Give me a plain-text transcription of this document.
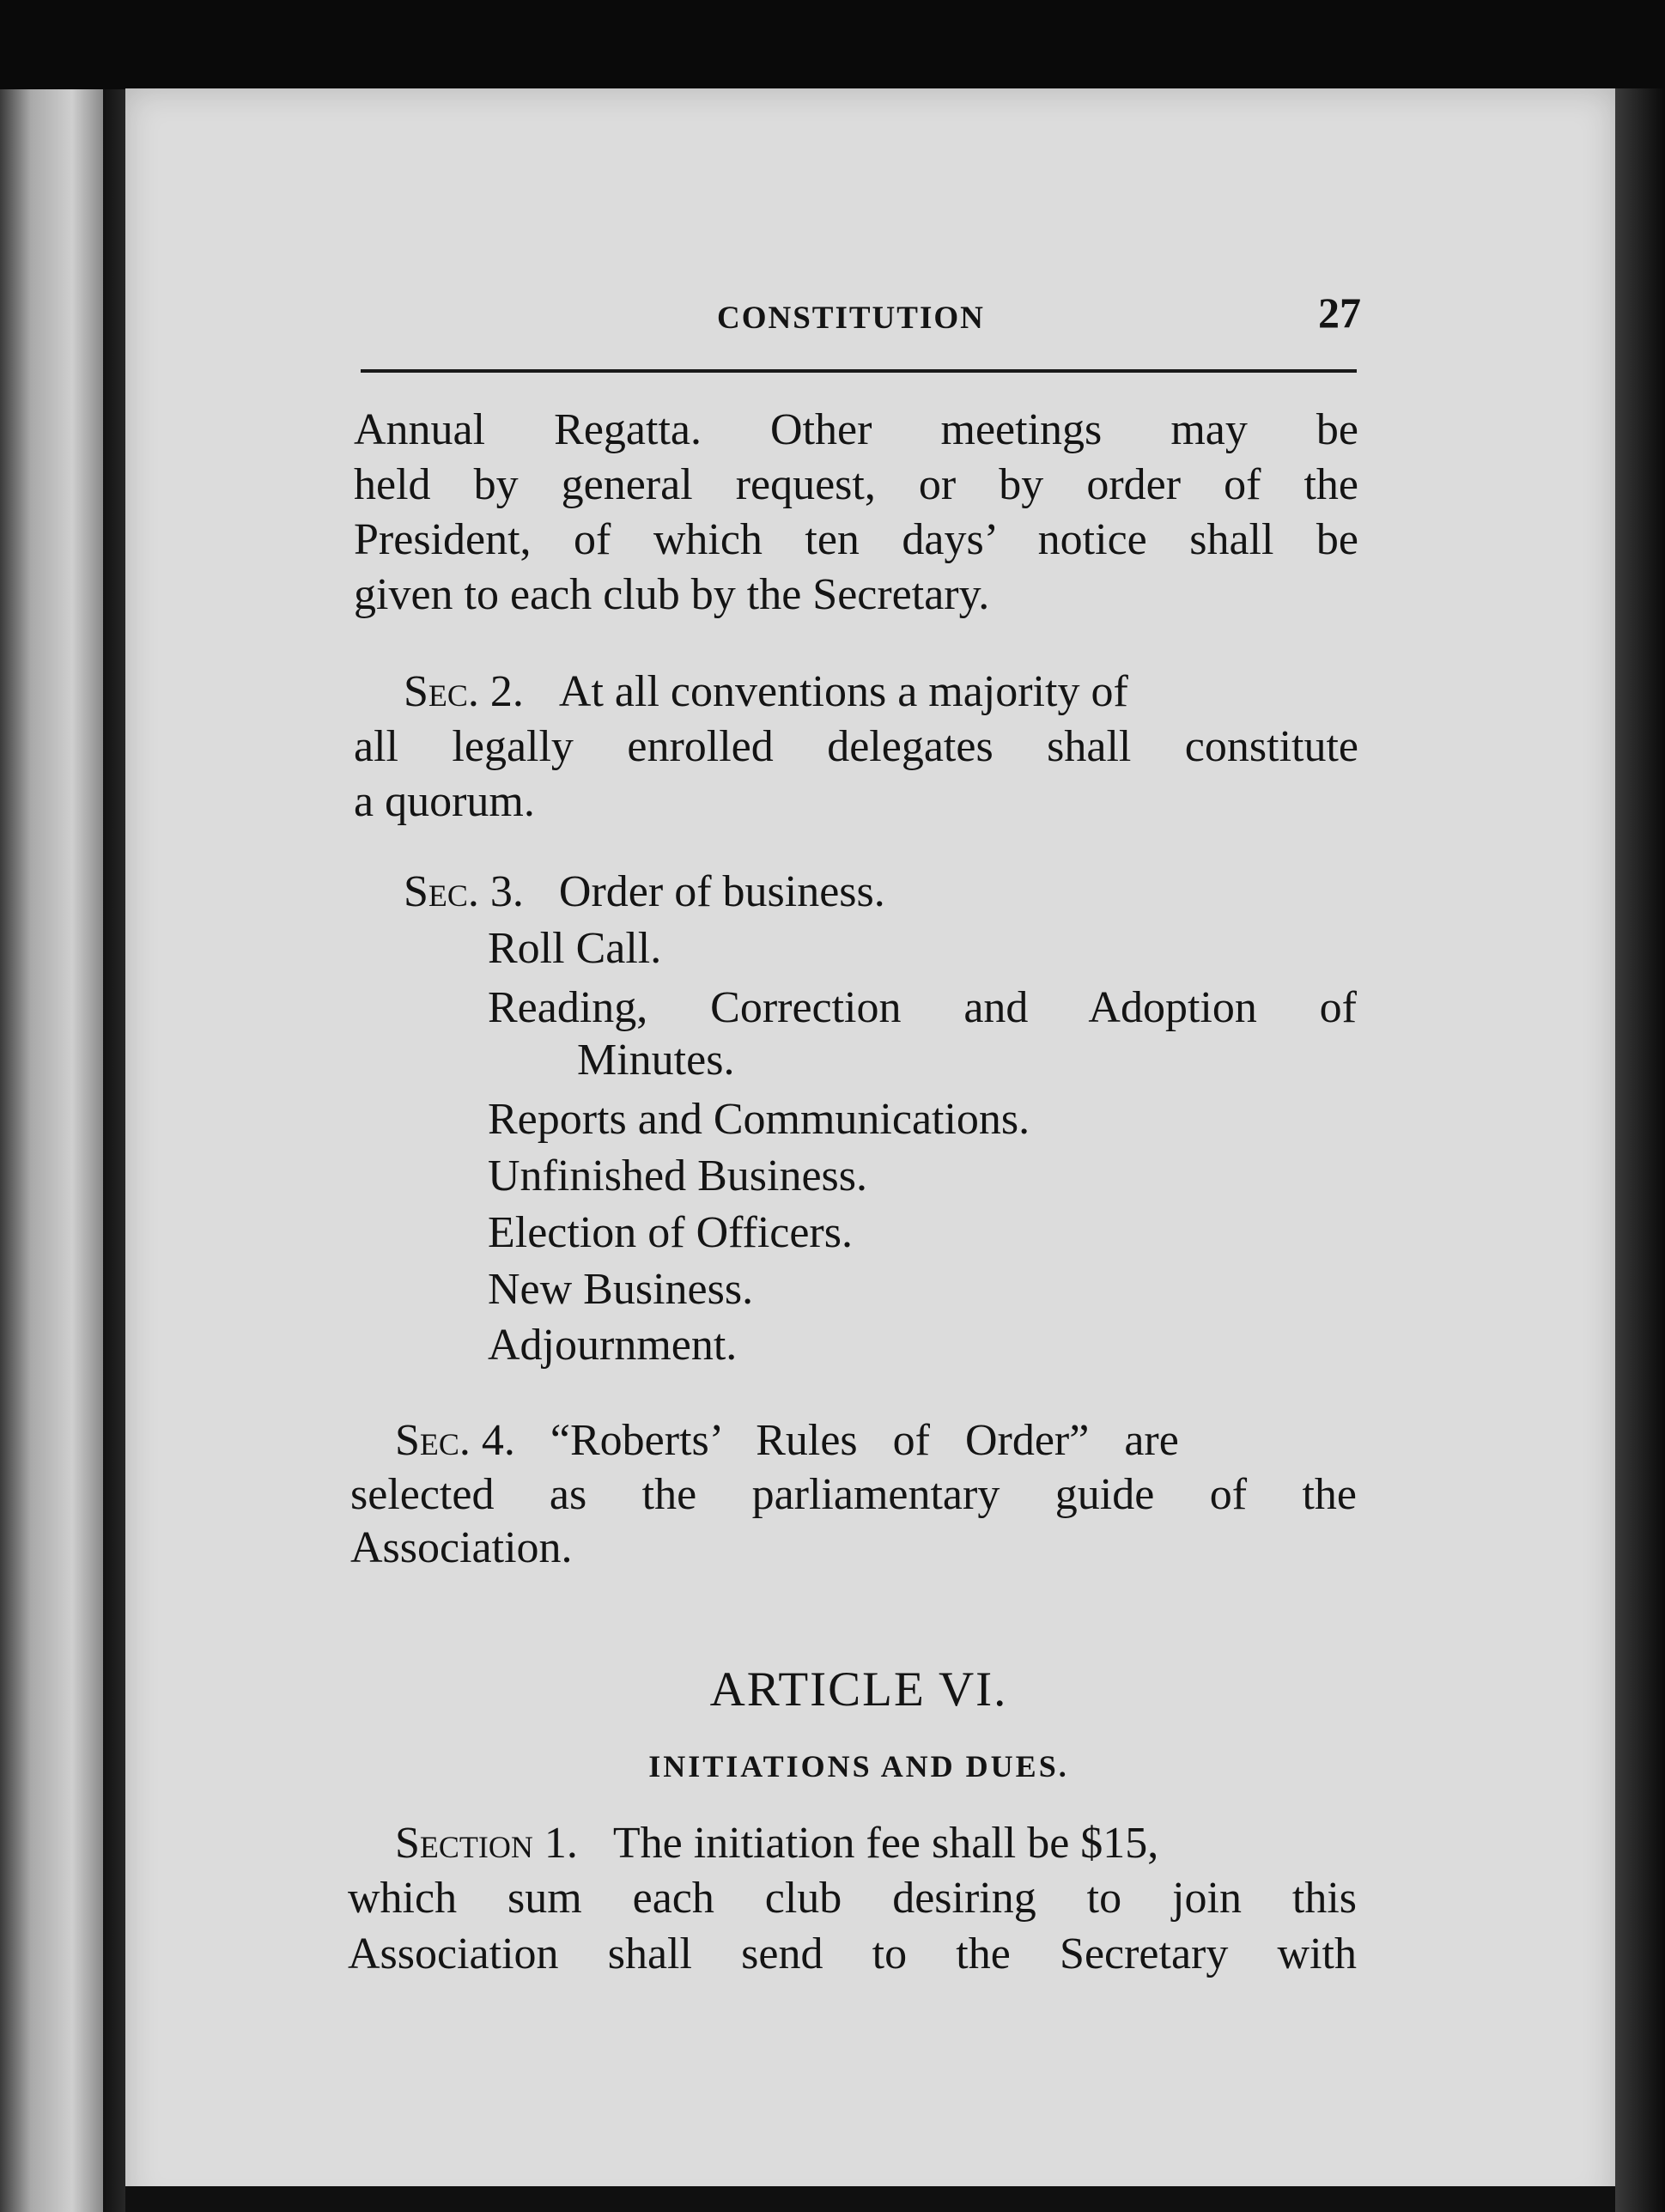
CONSTITUTION	27
Annual Regatta. Other meetings may be
held by general request, or by order of the
President, of which ten days’ notice shall be
given to each club by the Secretary.
Sec. 2. At all conventions a majority of
all legally enrolled delegates shall constitute
a quorum.
Sec. 3. Order of business.
Roll Call.
Reading, Correction and Adoption of
Minutes.
Reports and Communications.
Unfinished Business.
Election of Officers.
New Business.
Adjournment.
Sec. 4. “Roberts’ Rules of Order” are
selected as the parliamentary guide of the
Association.
ARTICLE VI.
INITIATIONS AND DUES.
Section 1. The initiation fee shall be $15,
which sum each club desiring to join this
Association shall send to the Secretary with
